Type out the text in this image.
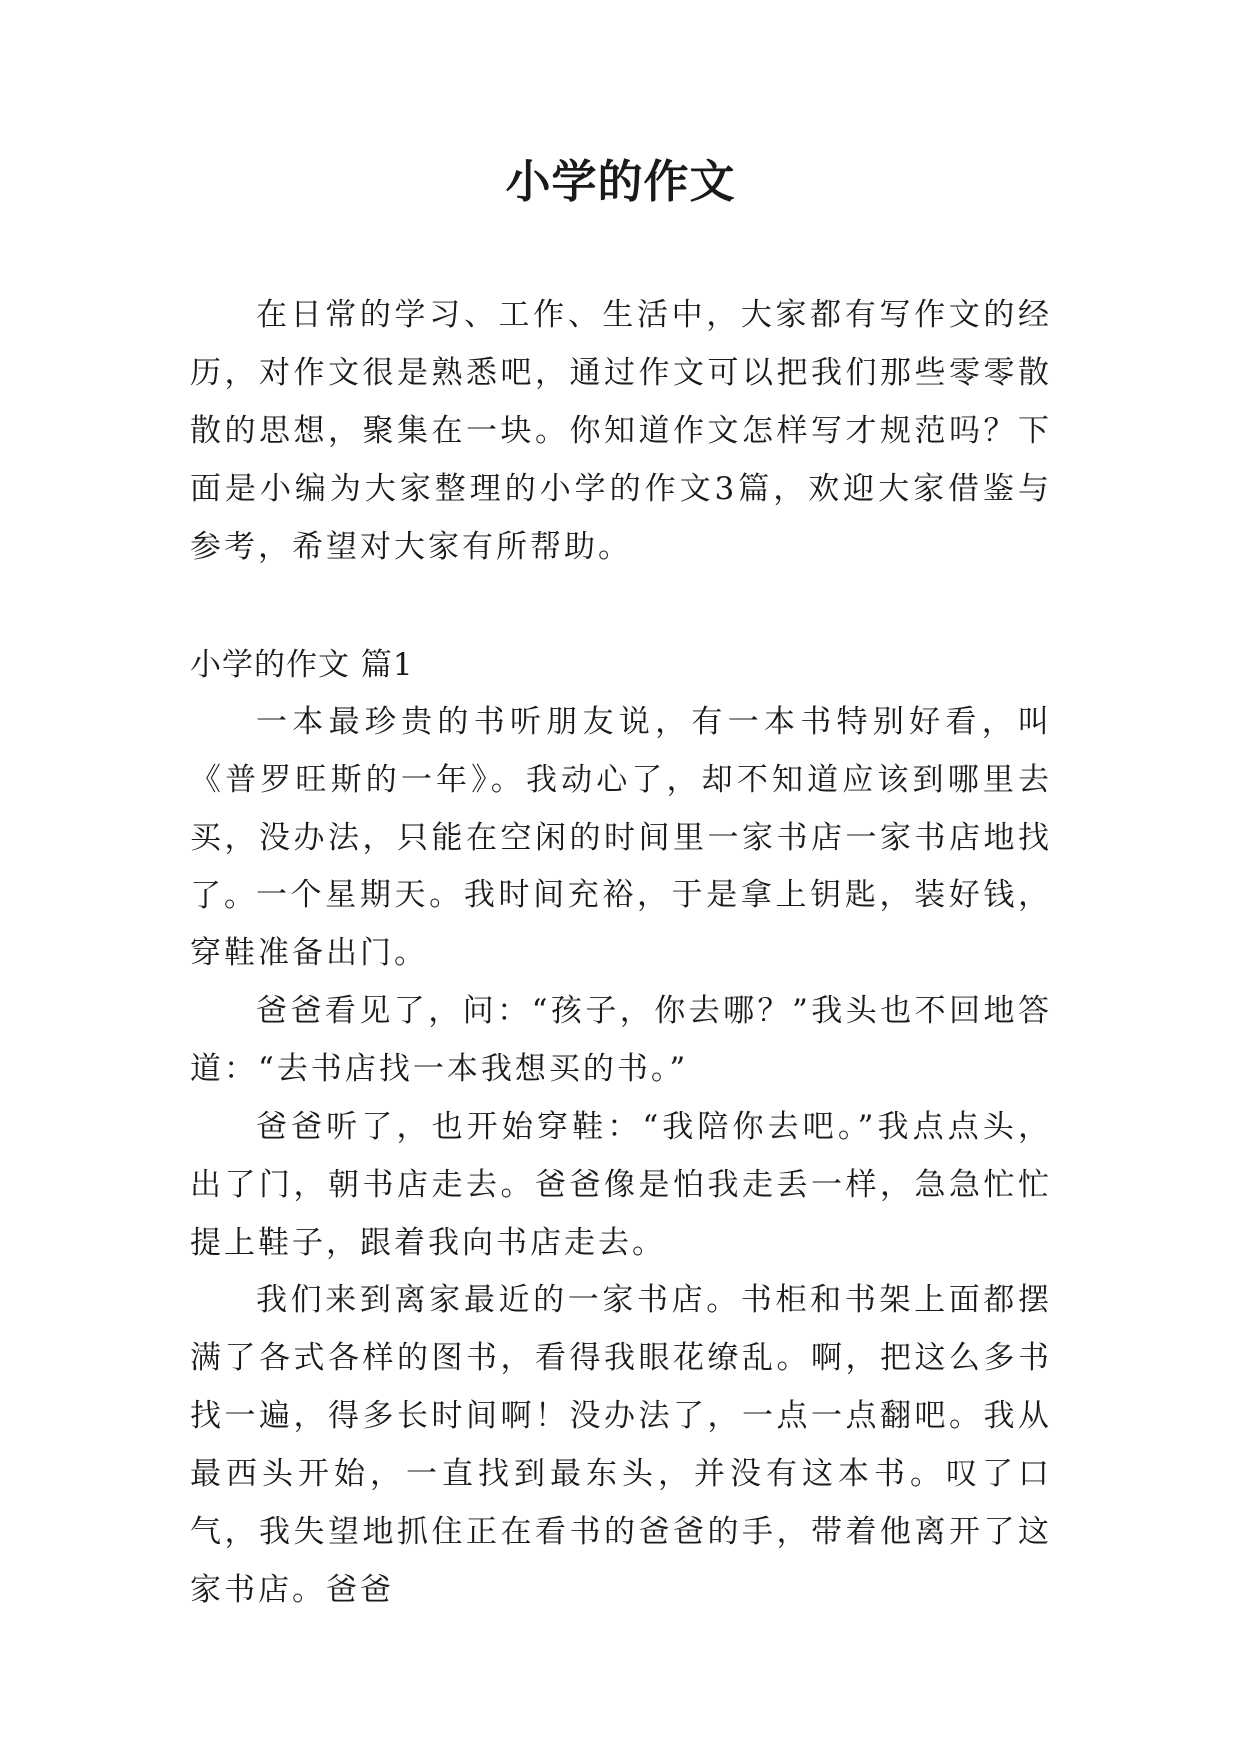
小学的作文

在日常的学习、工作、生活中，大家都有写作文的经历，对作文很是熟悉吧，通过作文可以把我们那些零零散散的思想，聚集在一块。你知道作文怎样写才规范吗？下面是小编为大家整理的小学的作文3篇，欢迎大家借鉴与参考，希望对大家有所帮助。

小学的作文 篇1

一本最珍贵的书听朋友说，有一本书特别好看，叫《普罗旺斯的一年》。我动心了，却不知道应该到哪里去买，没办法，只能在空闲的时间里一家书店一家书店地找了。

一个星期天。我时间充裕，于是拿上钥匙，装好钱，穿鞋准备出门。

爸爸看见了，问：“孩子，你去哪？”我头也不回地答道：“去书店找一本我想买的书。”

爸爸听了，也开始穿鞋：“我陪你去吧。”我点点头，出了门，朝书店走去。爸爸像是怕我走丢一样，急急忙忙提上鞋子，跟着我向书店走去。

我们来到离家最近的一家书店。书柜和书架上面都摆满了各式各样的图书，看得我眼花缭乱。啊，把这么多书找一遍，得多长时间啊！没办法了，一点一点翻吧。我从最西头开始，一直找到最东头，并没有这本书。叹了口气，我失望地抓住正在看书的爸爸的手，带着他离开了这家书店。爸爸
